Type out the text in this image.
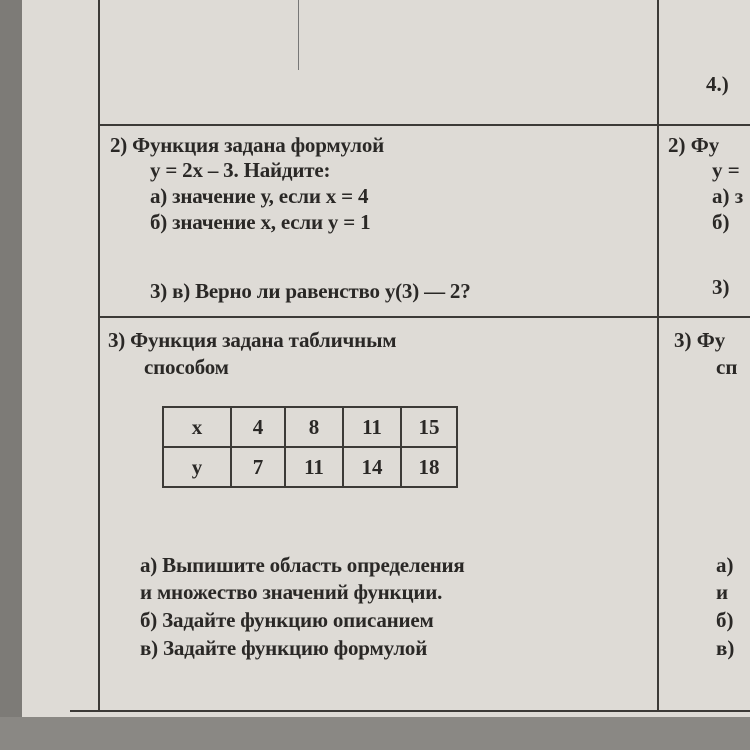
2) Функция задана формулой
y = 2x – 3. Найдите:
а) значение у, если х = 4
б) значение х, если у = 1
3) в) Верно ли равенство у(3) — 2?
3) Функция задана табличным
способом
х	4	8	11	15
у	7	11	14	18
а) Выпишите область определения
и множество значений функции.
б) Задайте функцию описанием
в) Задайте функцию формулой
4.)
2) Фу
у =
а) з
б)
3)
3) Фу
сп
а)
и
б)
в)
